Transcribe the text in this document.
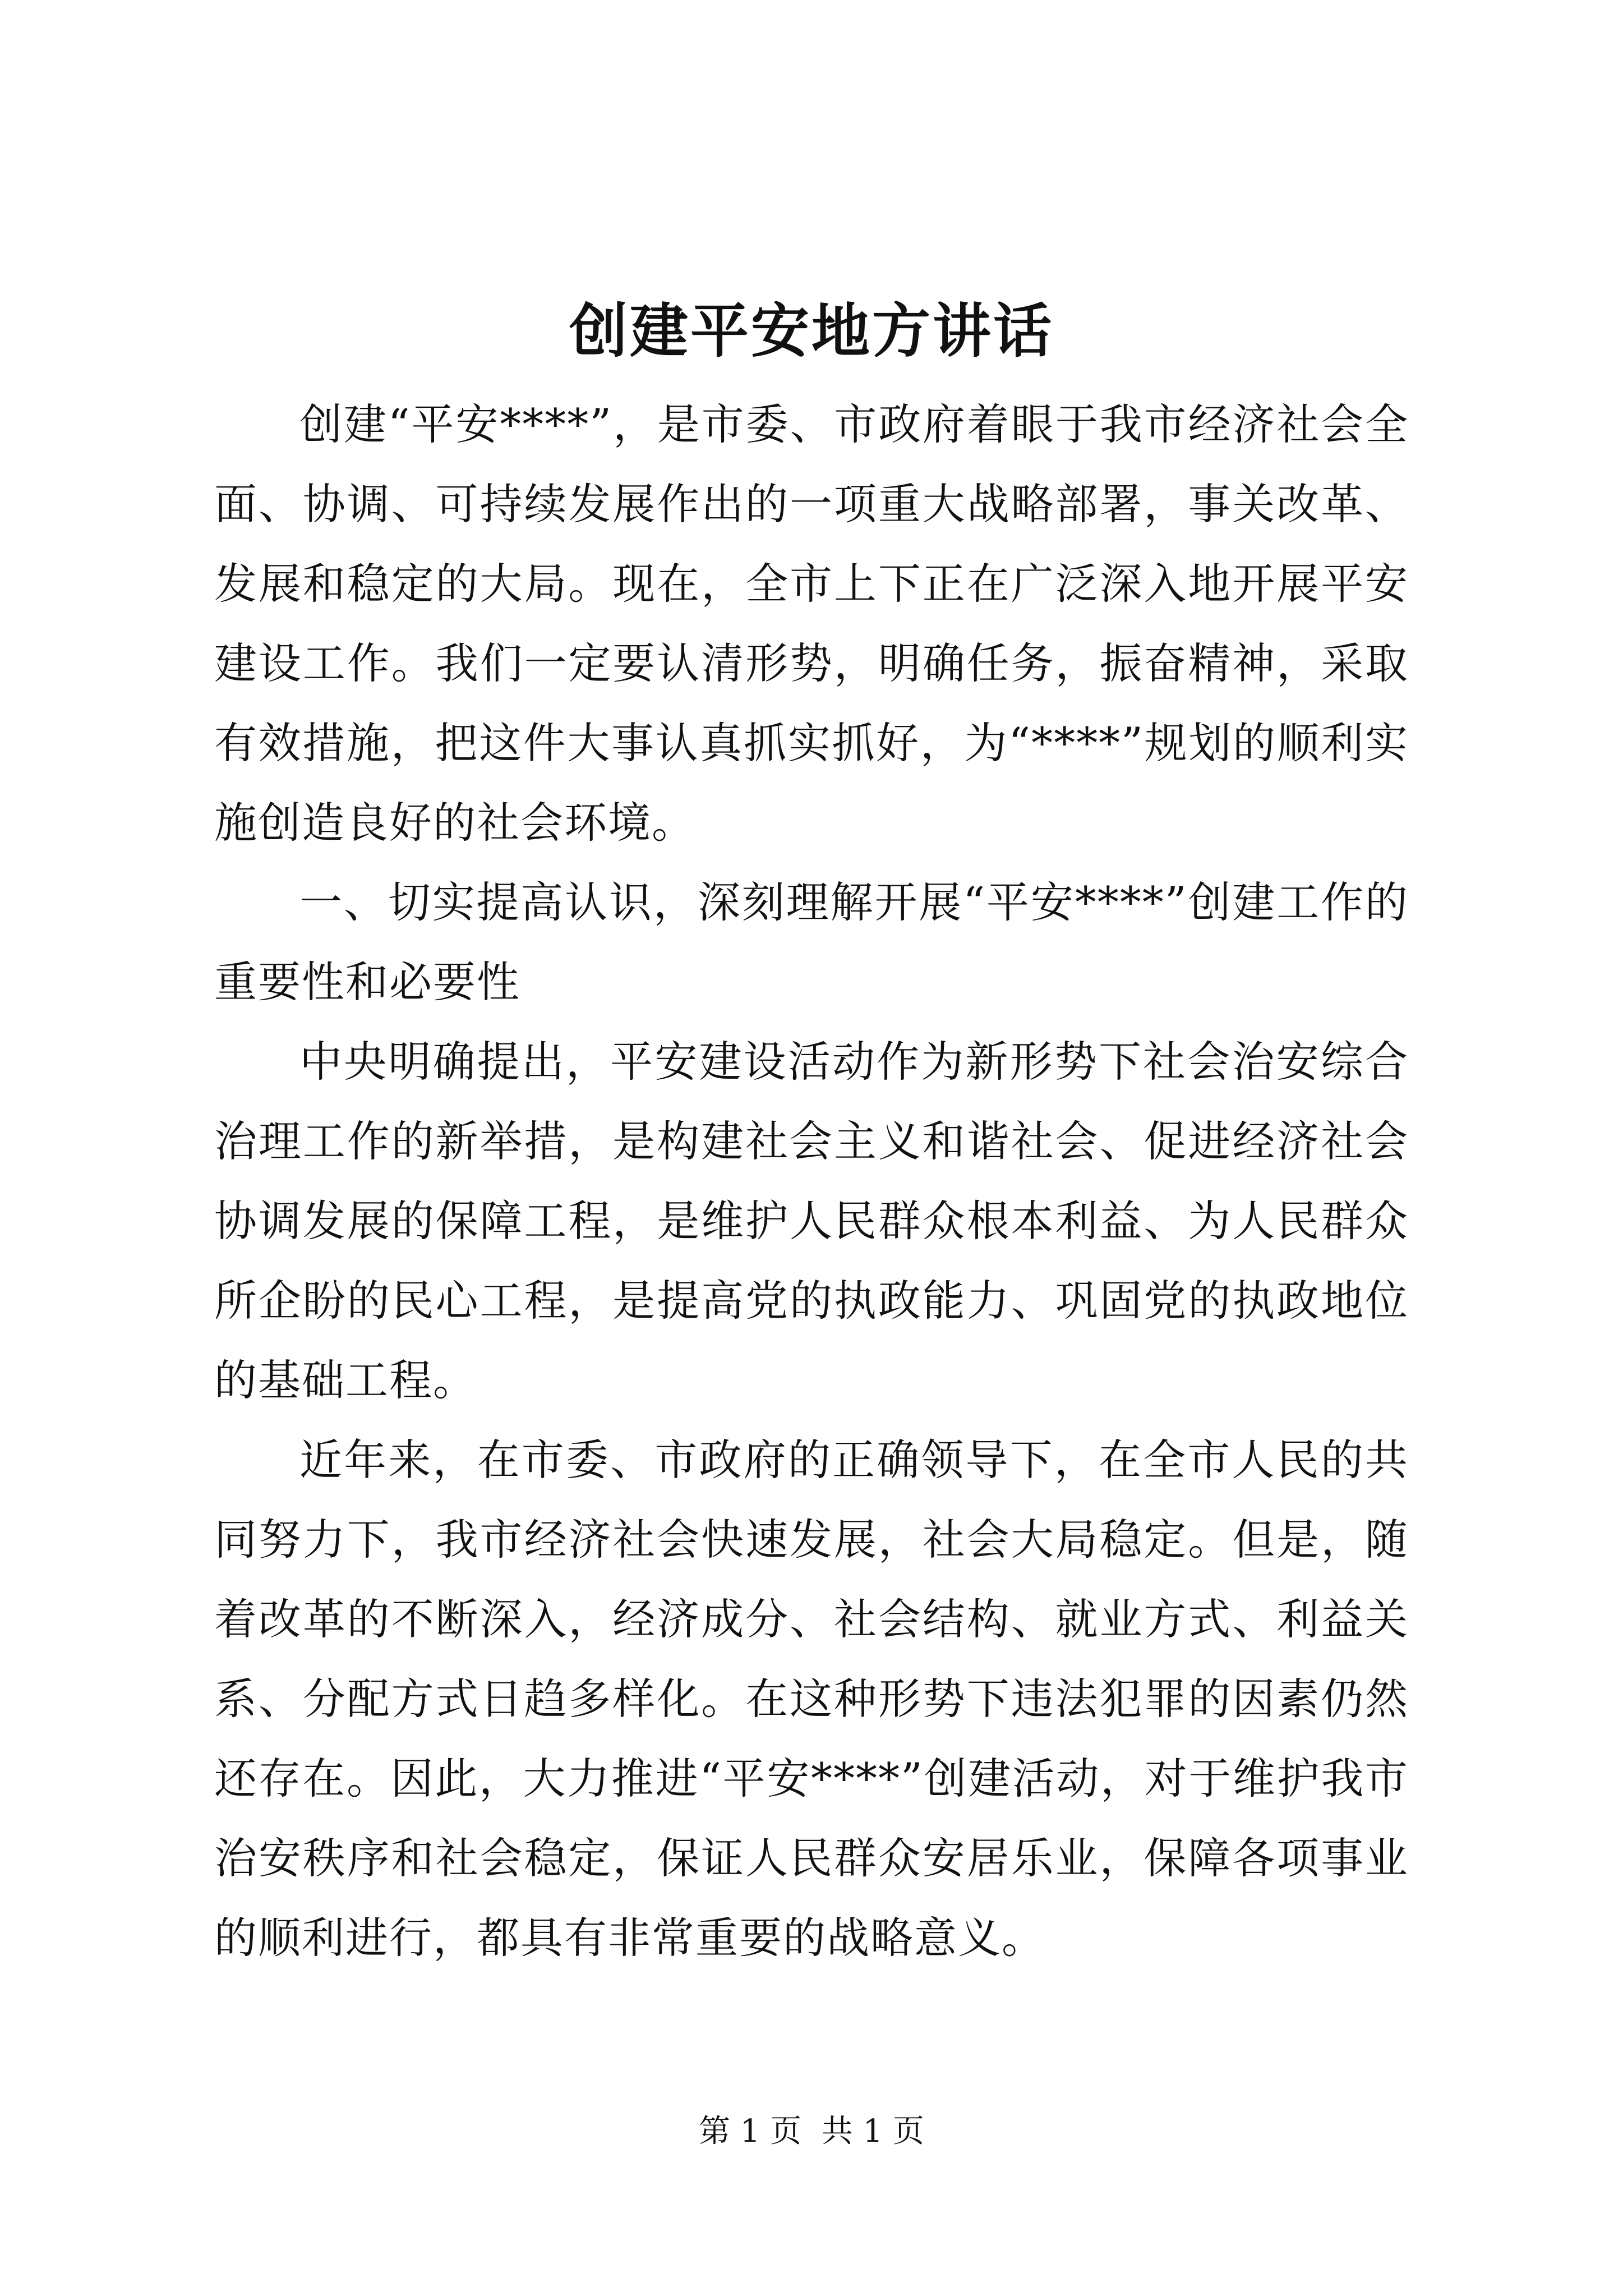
创建平安地方讲话

创建“平安****”，是市委、市政府着眼于我市经济社会全面、协调、可持续发展作出的一项重大战略部署，事关改革、发展和稳定的大局。现在，全市上下正在广泛深入地开展平安建设工作。我们一定要认清形势，明确任务，振奋精神，采取有效措施，把这件大事认真抓实抓好，为“****”规划的顺利实施创造良好的社会环境。

一、切实提高认识，深刻理解开展“平安****”创建工作的重要性和必要性

中央明确提出，平安建设活动作为新形势下社会治安综合治理工作的新举措，是构建社会主义和谐社会、促进经济社会协调发展的保障工程，是维护人民群众根本利益、为人民群众所企盼的民心工程，是提高党的执政能力、巩固党的执政地位的基础工程。

近年来，在市委、市政府的正确领导下，在全市人民的共同努力下，我市经济社会快速发展，社会大局稳定。但是，随着改革的不断深入，经济成分、社会结构、就业方式、利益关系、分配方式日趋多样化。在这种形势下违法犯罪的因素仍然还存在。因此，大力推进“平安****”创建活动，对于维护我市治安秩序和社会稳定，保证人民群众安居乐业，保障各项事业的顺利进行，都具有非常重要的战略意义。

第 1 页  共 1 页
